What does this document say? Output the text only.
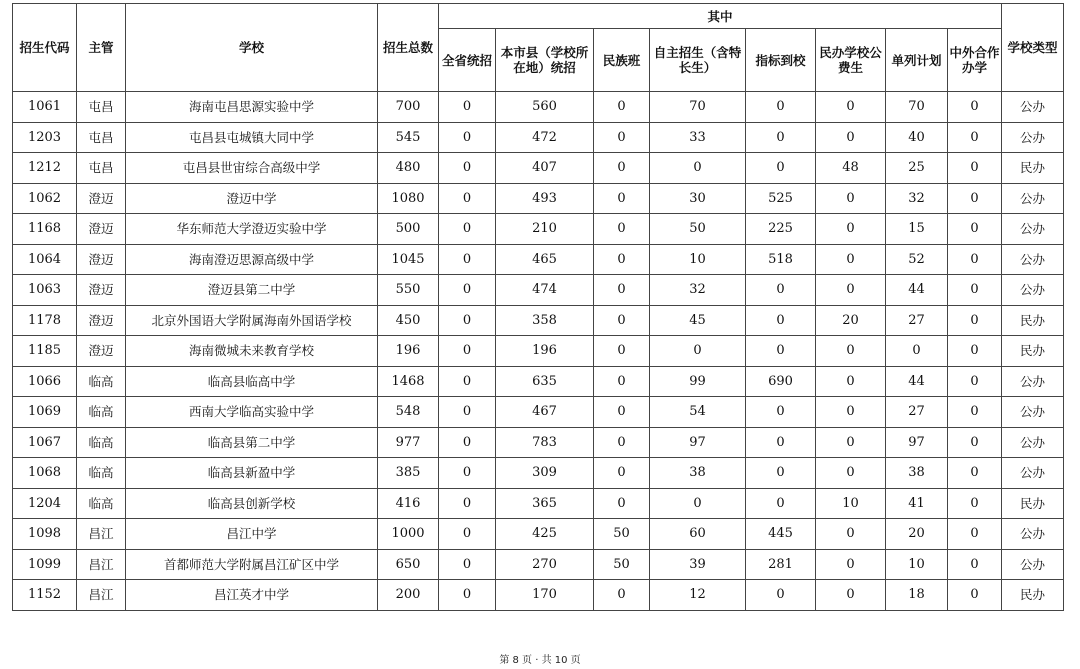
招生代码	主管	学校	招生总数	其中								学校类型
				全省统招	本市县（学校所在地）统招	民族班	自主招生（含特长生）	指标到校	民办学校公费生	单列计划	中外合作办学	
1061	屯昌	海南屯昌思源实验中学	700	0	560	0	70	0	0	70	0	公办
1203	屯昌	屯昌县屯城镇大同中学	545	0	472	0	33	0	0	40	0	公办
1212	屯昌	屯昌县世宙综合高级中学	480	0	407	0	0	0	48	25	0	民办
1062	澄迈	澄迈中学	1080	0	493	0	30	525	0	32	0	公办
1168	澄迈	华东师范大学澄迈实验中学	500	0	210	0	50	225	0	15	0	公办
1064	澄迈	海南澄迈思源高级中学	1045	0	465	0	10	518	0	52	0	公办
1063	澄迈	澄迈县第二中学	550	0	474	0	32	0	0	44	0	公办
1178	澄迈	北京外国语大学附属海南外国语学校	450	0	358	0	45	0	20	27	0	民办
1185	澄迈	海南微城未来教育学校	196	0	196	0	0	0	0	0	0	民办
1066	临高	临高县临高中学	1468	0	635	0	99	690	0	44	0	公办
1069	临高	西南大学临高实验中学	548	0	467	0	54	0	0	27	0	公办
1067	临高	临高县第二中学	977	0	783	0	97	0	0	97	0	公办
1068	临高	临高县新盈中学	385	0	309	0	38	0	0	38	0	公办
1204	临高	临高县创新学校	416	0	365	0	0	0	10	41	0	民办
1098	昌江	昌江中学	1000	0	425	50	60	445	0	20	0	公办
1099	昌江	首都师范大学附属昌江矿区中学	650	0	270	50	39	281	0	10	0	公办
1152	昌江	昌江英才中学	200	0	170	0	12	0	0	18	0	民办
第 8 页 · 共 10 页
